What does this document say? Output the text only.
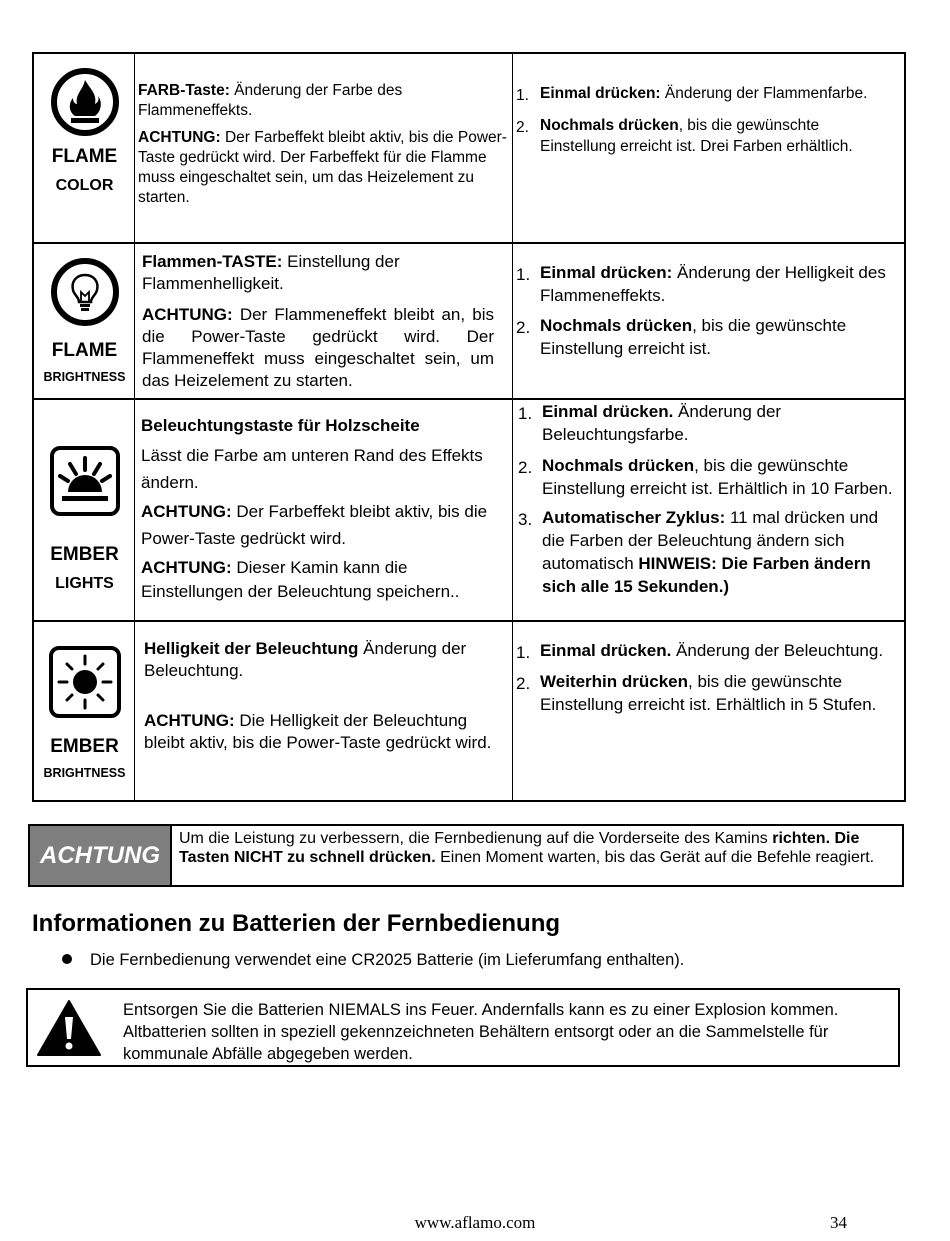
FLAME
COLOR

FARB-Taste: Änderung der Farbe des Flammeneffekts.

ACHTUNG: Der Farbeffekt bleibt aktiv, bis die Power-Taste gedrückt wird. Der Farbeffekt für die Flamme muss eingeschaltet sein, um das Heizelement zu starten.

1. Einmal drücken: Änderung der Flammenfarbe.
2. Nochmals drücken, bis die gewünschte Einstellung erreicht ist. Drei Farben erhältlich.
FLAME
BRIGHTNESS

Flammen-TASTE: Einstellung der Flammenhelligkeit.

ACHTUNG: Der Flammeneffekt bleibt an, bis die Power-Taste gedrückt wird. Der Flammeneffekt muss eingeschaltet sein, um das Heizelement zu starten.

1. Einmal drücken: Änderung der Helligkeit des Flammeneffekts.
2. Nochmals drücken, bis die gewünschte Einstellung erreicht ist.
EMBER
LIGHTS

Beleuchtungstaste für Holzscheite

Lässt die Farbe am unteren Rand des Effekts ändern.

ACHTUNG: Der Farbeffekt bleibt aktiv, bis die Power-Taste gedrückt wird.

ACHTUNG: Dieser Kamin kann die Einstellungen der Beleuchtung speichern..

1. Einmal drücken. Änderung der Beleuchtungsfarbe.
2. Nochmals drücken, bis die gewünschte Einstellung erreicht ist. Erhältlich in 10 Farben.
3. Automatischer Zyklus: 11 mal drücken und die Farben der Beleuchtung ändern sich automatisch HINWEIS: Die Farben ändern sich alle 15 Sekunden.)
EMBER
BRIGHTNESS

Helligkeit der Beleuchtung Änderung der Beleuchtung.

ACHTUNG: Die Helligkeit der Beleuchtung bleibt aktiv, bis die Power-Taste gedrückt wird.

1. Einmal drücken. Änderung der Beleuchtung.
2. Weiterhin drücken, bis die gewünschte Einstellung erreicht ist. Erhältlich in 5 Stufen.
ACHTUNG
Um die Leistung zu verbessern, die Fernbedienung auf die Vorderseite des Kamins richten. Die Tasten NICHT zu schnell drücken. Einen Moment warten, bis das Gerät auf die Befehle reagiert.
Informationen zu Batterien der Fernbedienung
Die Fernbedienung verwendet eine CR2025 Batterie (im Lieferumfang enthalten).
Entsorgen Sie die Batterien NIEMALS ins Feuer. Andernfalls kann es zu einer Explosion kommen. Altbatterien sollten in speziell gekennzeichneten Behältern entsorgt oder an die Sammelstelle für kommunale Abfälle abgegeben werden.
www.aflamo.com	34
